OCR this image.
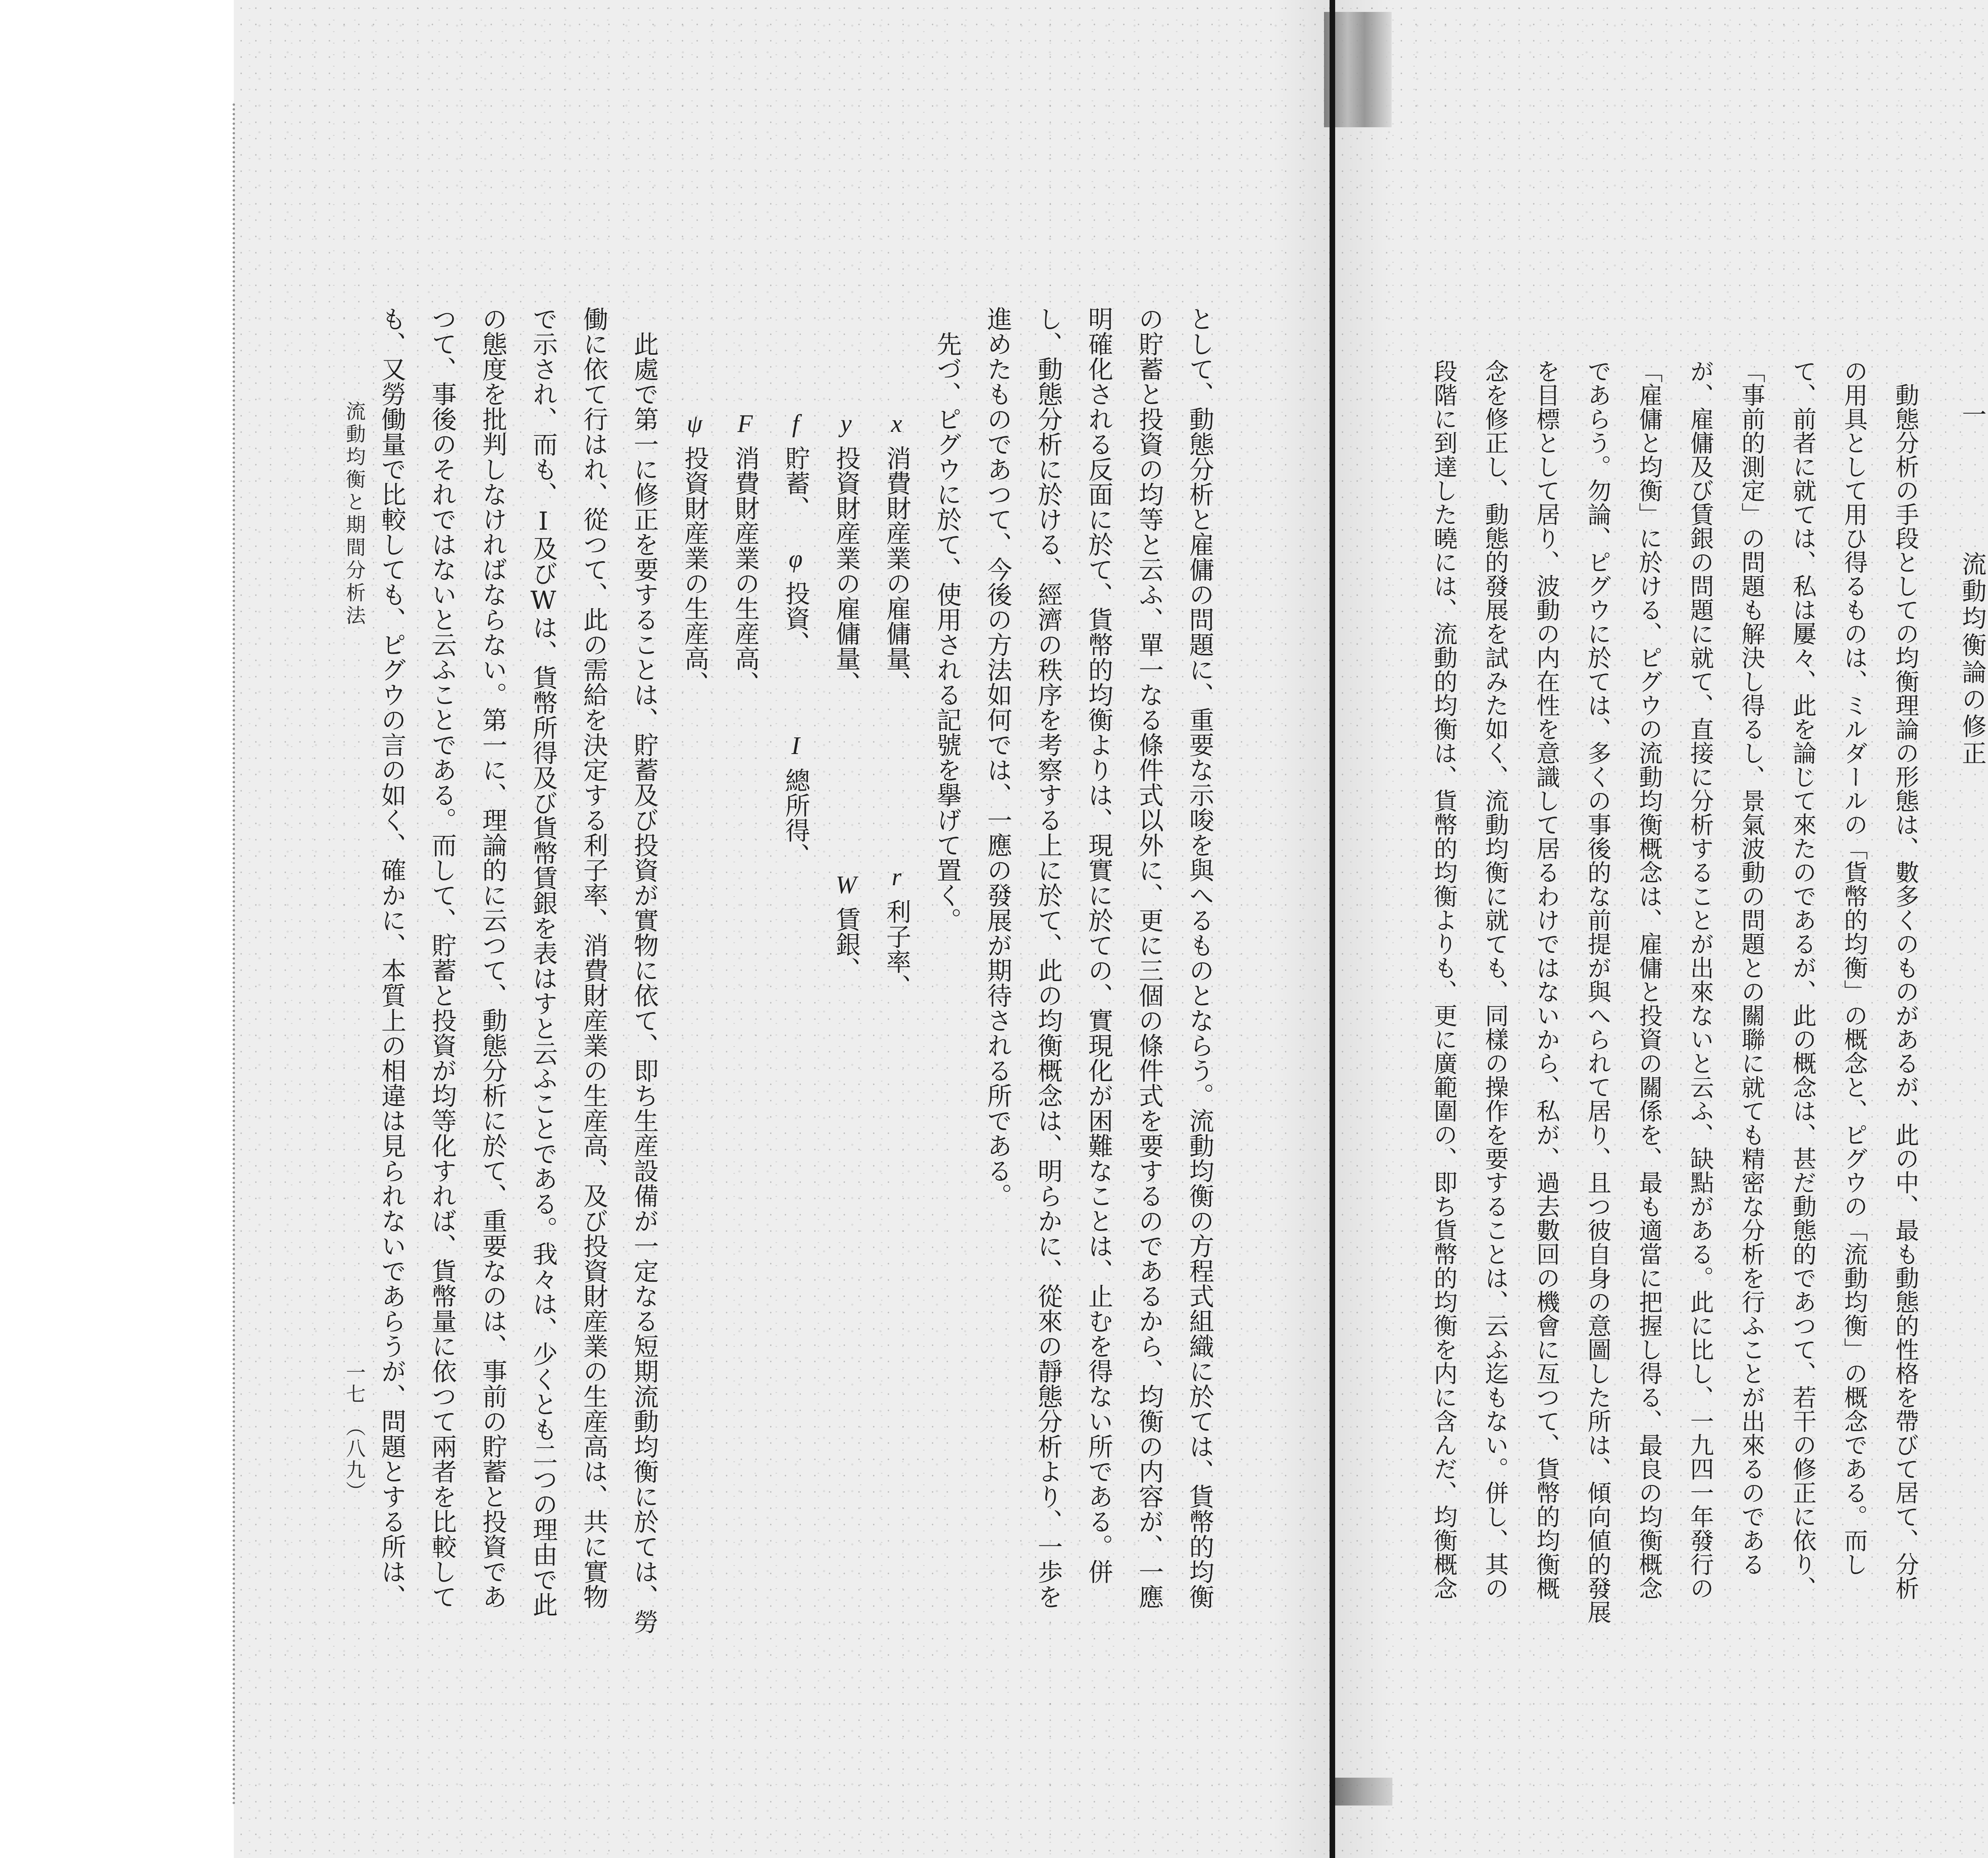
一
流動均衡論の修正
動態分析の手段としての均衡理論の形態は、數多くのものがあるが、此の中、最も動態的性格を帶びて居て、分析
の用具として用ひ得るものは、ミルダールの「貨幣的均衡」の概念と、ピグウの「流動均衡」の概念である。而し
て、前者に就ては、私は屢々、此を論じて來たのであるが、此の概念は、甚だ動態的であつて、若干の修正に依り、
「事前的測定」の問題も解決し得るし、景氣波動の問題との關聯に就ても精密な分析を行ふことが出來るのである
が、雇傭及び賃銀の問題に就て、直接に分析することが出來ないと云ふ、缺點がある。此に比し、一九四一年發行の
「雇傭と均衡」に於ける、ピグウの流動均衡概念は、雇傭と投資の關係を、最も適當に把握し得る、最良の均衡概念
であらう。勿論、ピグウに於ては、多くの事後的な前提が與へられて居り、且つ彼自身の意圖した所は、傾向値的發展
を目標として居り、波動の内在性を意識して居るわけではないから、私が、過去數回の機會に亙つて、貨幣的均衡概
念を修正し、動態的發展を試みた如く、流動均衡に就ても、同樣の操作を要することは、云ふ迄もない。併し、其の
段階に到達した曉には、流動的均衡は、貨幣的均衡よりも、更に廣範圍の、即ち貨幣的均衡を内に含んだ、均衡概念
として、動態分析と雇傭の問題に、重要な示唆を與へるものとならう。流動均衡の方程式組織に於ては、貨幣的均衡
の貯蓄と投資の均等と云ふ、單一なる條件式以外に、更に三個の條件式を要するのであるから、均衡の内容が、一應
明確化される反面に於て、貨幣的均衡よりは、現實に於ての、實現化が困難なことは、止むを得ない所である。併
し、動態分析に於ける、經濟の秩序を考察する上に於て、此の均衡概念は、明らかに、從來の靜態分析より、一歩を
進めたものであつて、今後の方法如何では、一應の發展が期待される所である。
先づ、ピグウに於て、使用される記號を擧げて置く。
x消費財産業の雇傭量、
r利子率、
y投資財産業の雇傭量、
W賃銀、
f貯蓄、
φ投資、
I總所得、
F消費財産業の生産高、
ψ投資財産業の生産高、
此處で第一に修正を要することは、貯蓄及び投資が實物に依て、即ち生産設備が一定なる短期流動均衡に於ては、勞
働に依て行はれ、從つて、此の需給を決定する利子率、消費財産業の生産高、及び投資財産業の生産高は、共に實物
で示され、而も、I及びWは、貨幣所得及び貨幣賃銀を表はすと云ふことである。我々は、少くとも二つの理由で此
の態度を批判しなければならない。第一に、理論的に云つて、動態分析に於て、重要なのは、事前の貯蓄と投資であ
つて、事後のそれではないと云ふことである。而して、貯蓄と投資が均等化すれば、貨幣量に依つて兩者を比較して
も、又勞働量で比較しても、ピグウの言の如く、確かに、本質上の相違は見られないであらうが、問題とする所は、
流動均衡と期間分析法
一七　（八九）
